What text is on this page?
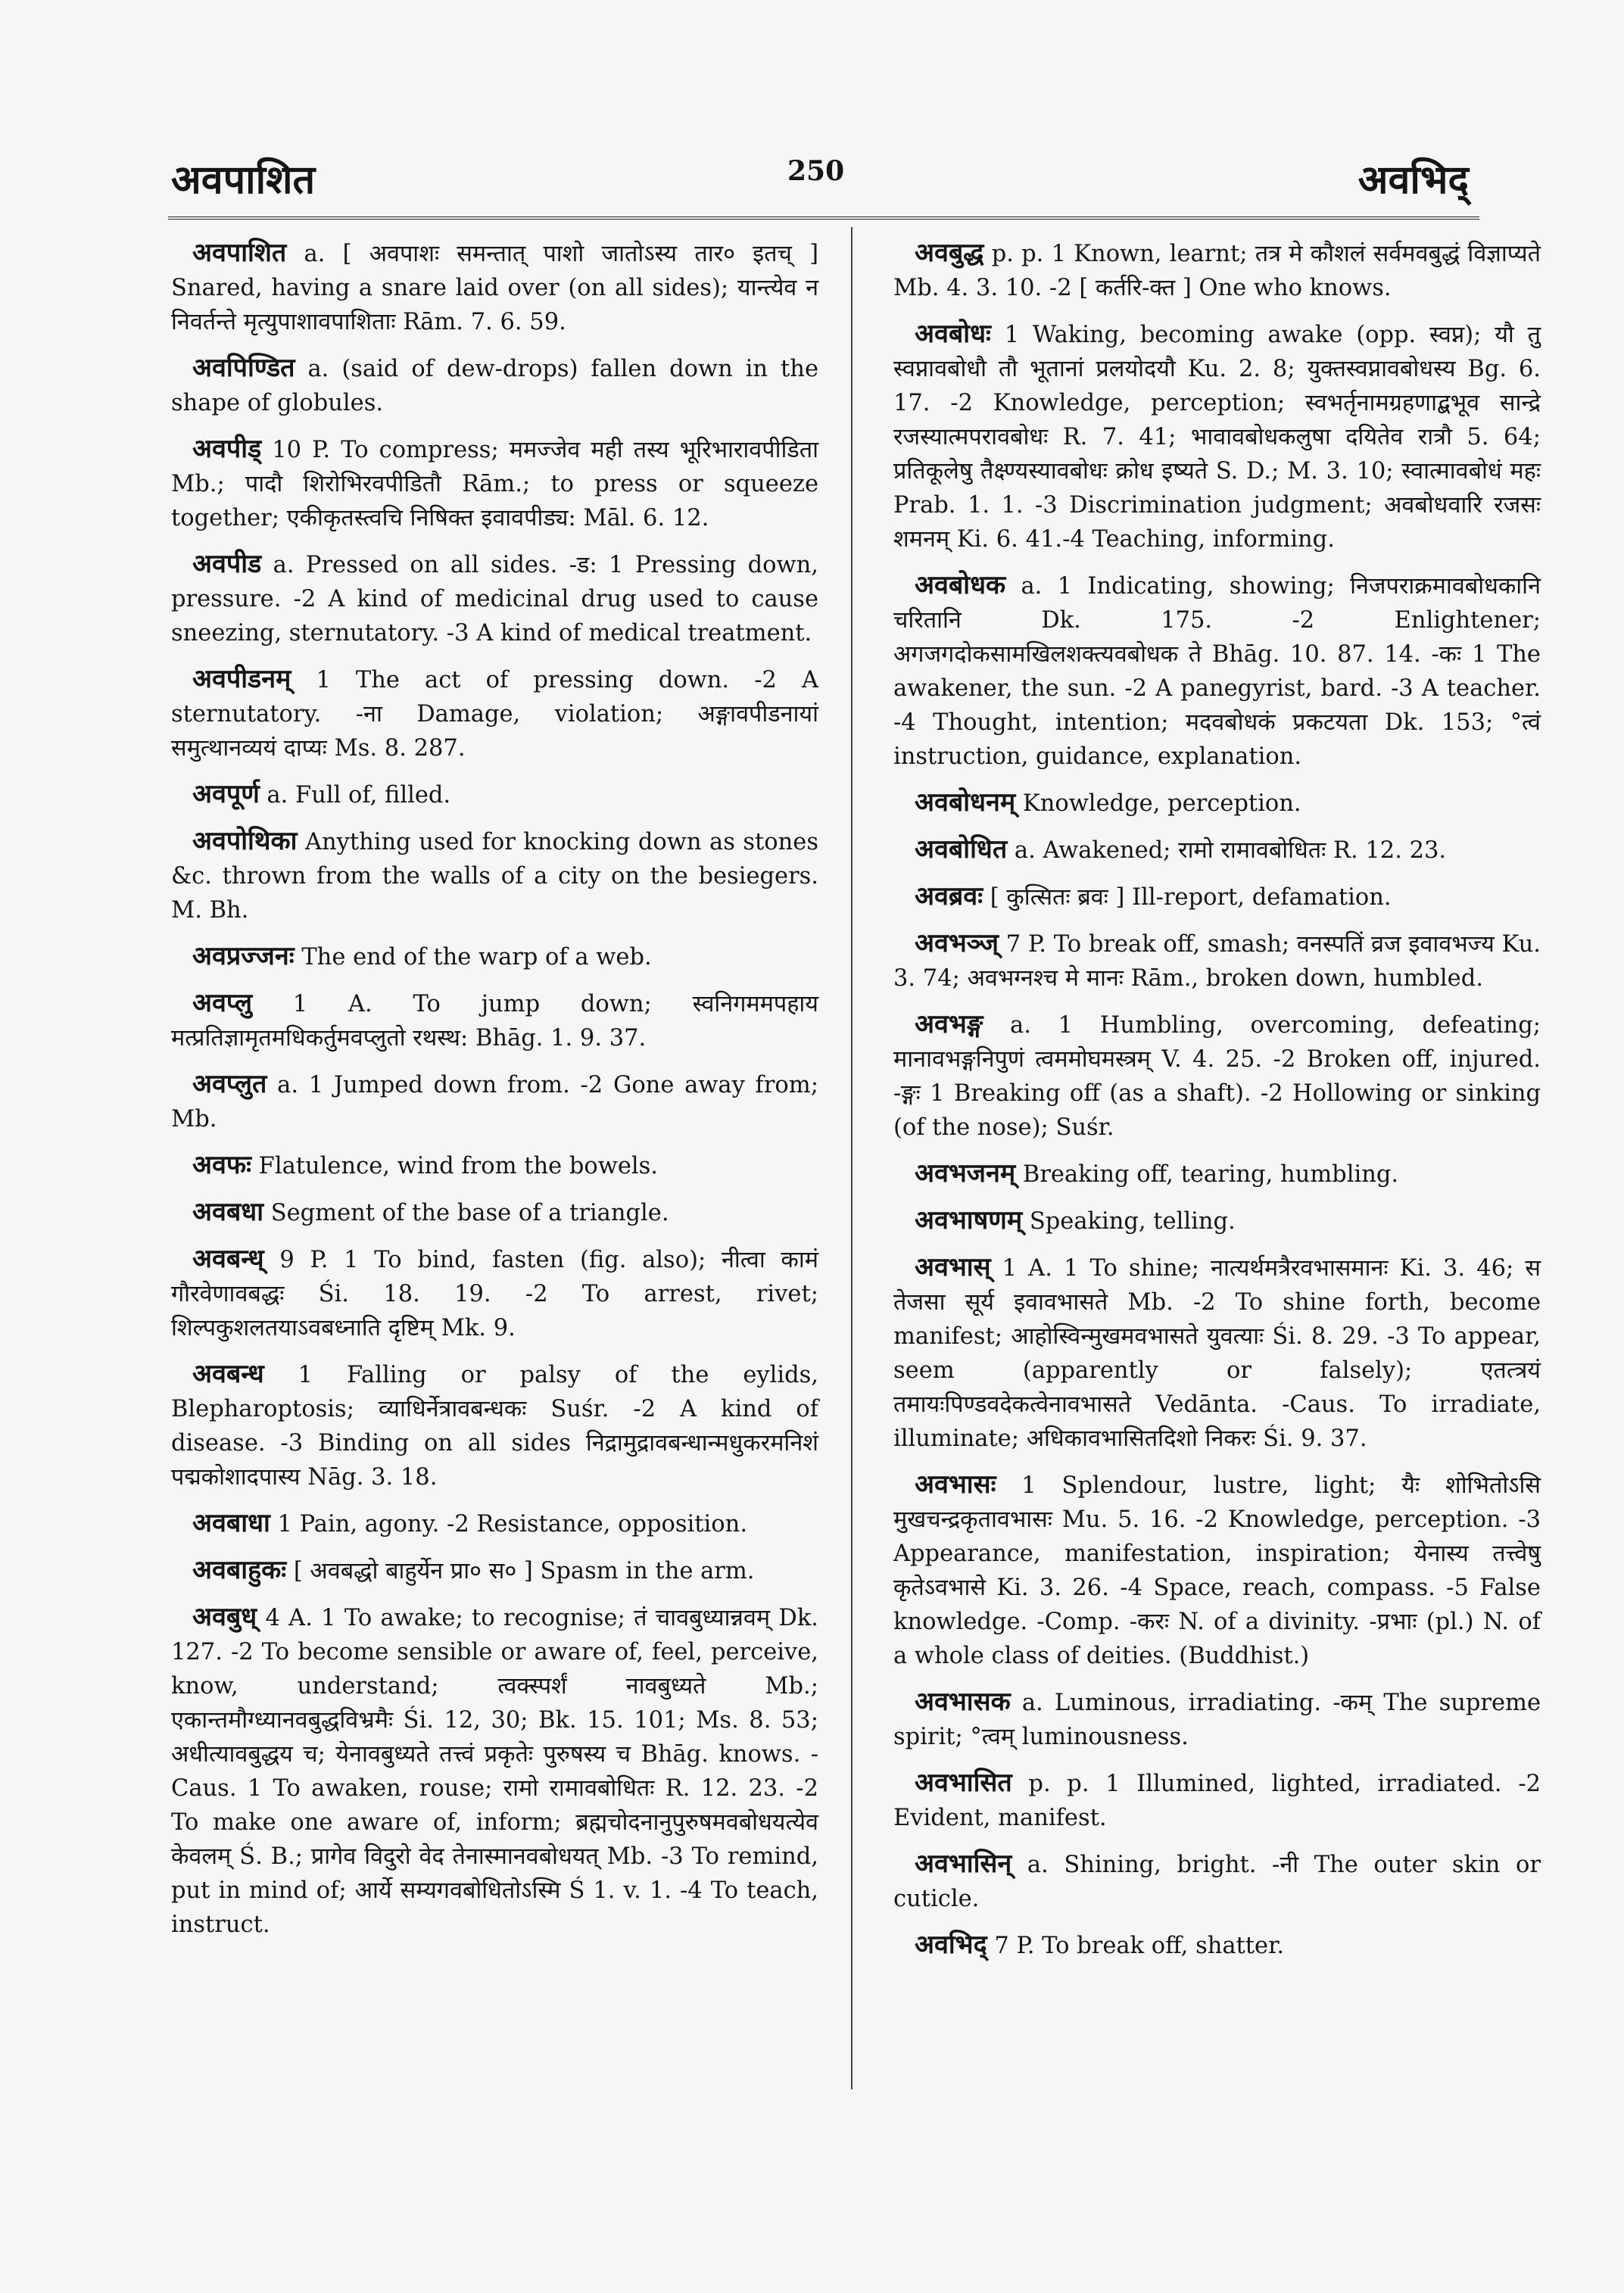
अवपाशित	250	अवभिद्

अवपाशित a. [ अवपाशः समन्तात् पाशो जातोऽस्य तार० इतच् ] Snared, having a snare laid over (on all sides); यान्त्येव न निवर्तन्ते मृत्युपाशावपाशिताः Rām. 7. 6. 59.

अवपिण्डित a. (said of dew-drops) fallen down in the shape of globules.

अवपीड् 10 P. To compress; ममज्जेव मही तस्य भूरिभारावपीडिता Mb.; पादौ शिरोभिरवपीडितौ Rām.; to press or squeeze together; एकीकृतस्त्वचि निषिक्त इवावपीड्य: Māl. 6. 12.

अवपीड a. Pressed on all sides. -ड: 1 Pressing down, pressure. -2 A kind of medicinal drug used to cause sneezing, sternutatory. -3 A kind of medical treatment.

अवपीडनम् 1 The act of pressing down. -2 A sternutatory. -ना Damage, violation; अङ्गावपीडनायां समुत्थानव्ययं दाप्यः Ms. 8. 287.

अवपूर्ण a. Full of, filled.

अवपोथिका Anything used for knocking down as stones &c. thrown from the walls of a city on the besiegers. M. Bh.

अवप्रज्जनः The end of the warp of a web.

अवप्लु 1 A. To jump down; स्वनिगममपहाय मत्प्रतिज्ञामृतमधिकर्तुमवप्लुतो रथस्थ: Bhāg. 1. 9. 37.

अवप्लुत a. 1 Jumped down from. -2 Gone away from; Mb.

अवफः Flatulence, wind from the bowels.

अवबधा Segment of the base of a triangle.

अवबन्ध् 9 P. 1 To bind, fasten (fig. also); नीत्वा कामं गौरवेणावबद्धः Śi. 18. 19. -2 To arrest, rivet; शिल्पकुशलतयाऽवबध्नाति दृष्टिम् Mk. 9.

अवबन्ध 1 Falling or palsy of the eylids, Blepharoptosis; व्याधिर्नेत्रावबन्धकः Suśr. -2 A kind of disease. -3 Binding on all sides निद्रामुद्रावबन्धान्मधुकरमनिशं पद्मकोशादपास्य Nāg. 3. 18.

अवबाधा 1 Pain, agony. -2 Resistance, opposition.

अवबाहुकः [ अवबद्धो बाहुर्येन प्रा० स० ] Spasm in the arm.

अवबुध् 4 A. 1 To awake; to recognise; तं चावबुध्यान्नवम् Dk. 127. -2 To become sensible or aware of, feel, perceive, know, understand; त्वक्स्पर्शं नावबुध्यते Mb.; एकान्तमौग्ध्यानवबुद्धविभ्रमैः Śi. 12, 30; Bk. 15. 101; Ms. 8. 53; अधीत्यावबुद्धय च; येनावबुध्यते तत्त्वं प्रकृतेः पुरुषस्य च Bhāg. knows. -Caus. 1 To awaken, rouse; रामो रामावबोधितः R. 12. 23. -2 To make one aware of, inform; ब्रह्मचोदनानुपुरुषमवबोधयत्येव केवलम् Ś. B.; प्रागेव विदुरो वेद तेनास्मानवबोधयत् Mb. -3 To remind, put in mind of; आर्ये सम्यगवबोधितोऽस्मि Ś 1. v. 1. -4 To teach, instruct.

अवबुद्ध p. p. 1 Known, learnt; तत्र मे कौशलं सर्वमवबुद्धं विज्ञाप्यते Mb. 4. 3. 10. -2 [ कर्तरि-क्त ] One who knows.

अवबोधः 1 Waking, becoming awake (opp. स्वप्न); यौ तु स्वप्नावबोधौ तौ भूतानां प्रलयोदयौ Ku. 2. 8; युक्तस्वप्नावबोधस्य Bg. 6. 17. -2 Knowledge, perception; स्वभर्तृनामग्रहणाद्बभूव सान्द्रे रजस्यात्मपरावबोधः R. 7. 41; भावावबोधकलुषा दयितेव रात्रौ 5. 64; प्रतिकूलेषु तैक्ष्ण्यस्यावबोधः क्रोध इष्यते S. D.; M. 3. 10; स्वात्मावबोधं महः Prab. 1. 1. -3 Discrimination judgment; अवबोधवारि रजसः शमनम् Ki. 6. 41.-4 Teaching, informing.

अवबोधक a. 1 Indicating, showing; निजपराक्रमावबोधकानि चरितानि Dk. 175. -2 Enlightener; अगजगदोकसामखिलशक्त्यवबोधक ते Bhāg. 10. 87. 14. -कः 1 The awakener, the sun. -2 A panegyrist, bard. -3 A teacher. -4 Thought, intention; मदवबोधकं प्रकटयता Dk. 153; °त्वं instruction, guidance, explanation.

अवबोधनम् Knowledge, perception.

अवबोधित a. Awakened; रामो रामावबोधितः R. 12. 23.

अवब्रवः [ कुत्सितः ब्रवः ] Ill-report, defamation.

अवभञ्ज् 7 P. To break off, smash; वनस्पतिं व्रज इवावभज्य Ku. 3. 74; अवभग्नश्च मे मानः Rām., broken down, humbled.

अवभङ्ग a. 1 Humbling, overcoming, defeating; मानावभङ्गनिपुणं त्वममोघमस्त्रम् V. 4. 25. -2 Broken off, injured. -ङ्गः 1 Breaking off (as a shaft). -2 Hollowing or sinking (of the nose); Suśr.

अवभजनम् Breaking off, tearing, humbling.

अवभाषणम् Speaking, telling.

अवभास् 1 A. 1 To shine; नात्यर्थमत्रैरवभासमानः Ki. 3. 46; स तेजसा सूर्य इवावभासते Mb. -2 To shine forth, become manifest; आहोस्विन्मुखमवभासते युवत्याः Śi. 8. 29. -3 To appear, seem (apparently or falsely); एतत्त्रयं तमायःपिण्डवदेकत्वेनावभासते Vedānta. -Caus. To irradiate, illuminate; अधिकावभासितदिशो निकरः Śi. 9. 37.

अवभासः 1 Splendour, lustre, light; यैः शोभितोऽसि मुखचन्द्रकृतावभासः Mu. 5. 16. -2 Knowledge, perception. -3 Appearance, manifestation, inspiration; येनास्य तत्त्वेषु कृतेऽवभासे Ki. 3. 26. -4 Space, reach, compass. -5 False knowledge. -Comp. -करः N. of a divinity. -प्रभाः (pl.) N. of a whole class of deities. (Buddhist.)

अवभासक a. Luminous, irradiating. -कम् The supreme spirit; °त्वम् luminousness.

अवभासित p. p. 1 Illumined, lighted, irradiated. -2 Evident, manifest.

अवभासिन् a. Shining, bright. -नी The outer skin or cuticle.

अवभिद् 7 P. To break off, shatter.
